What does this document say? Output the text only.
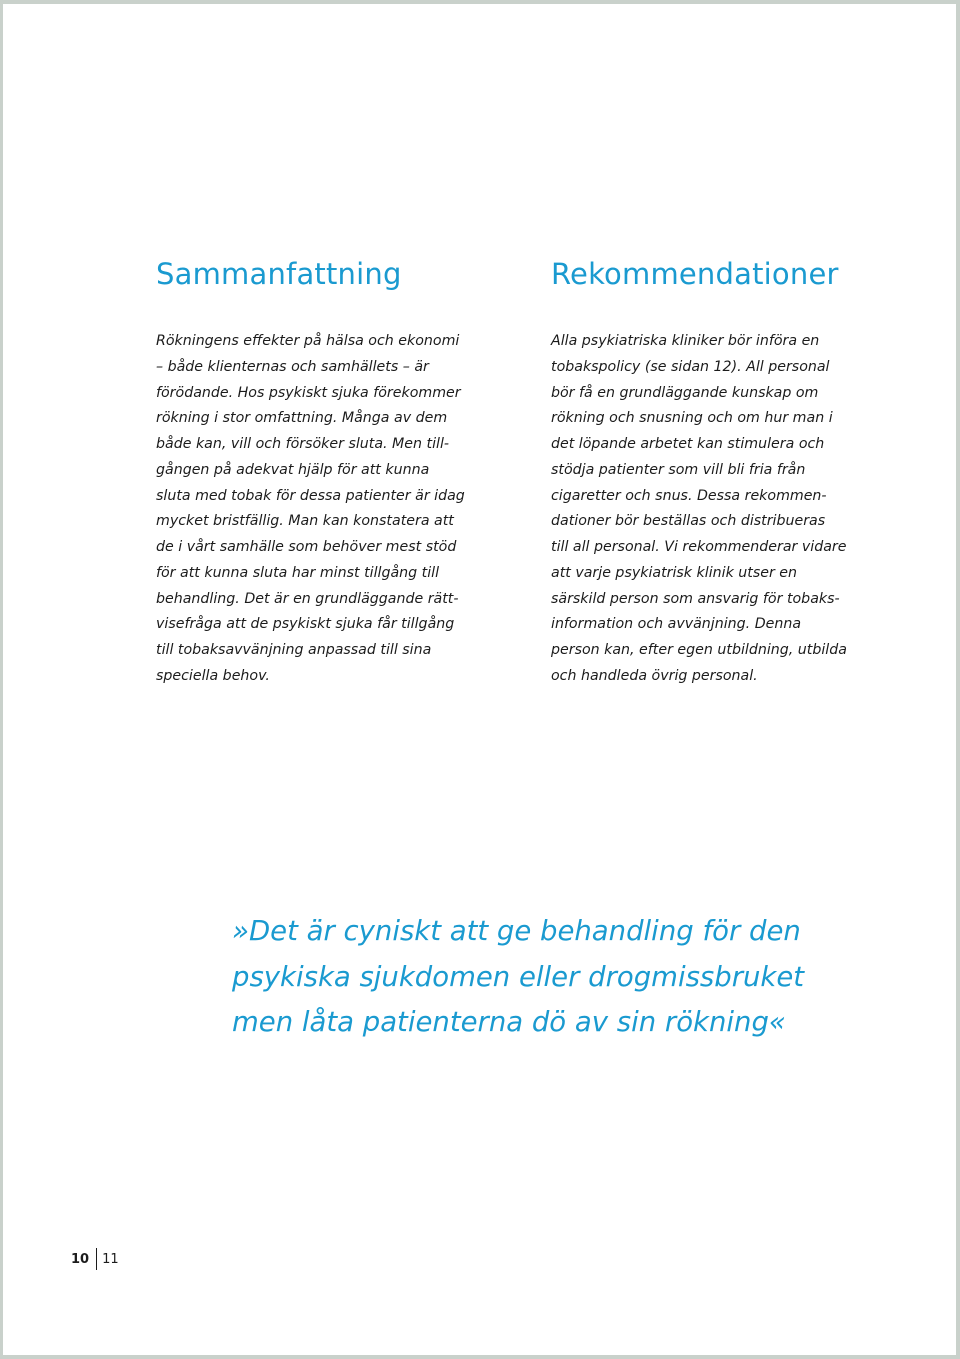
Sammanfattning	Rekommendationer

Rökningens effekter på hälsa och ekonomi
– både klienternas och samhällets – är
förödande. Hos psykiskt sjuka förekommer
rökning i stor omfattning. Många av dem
både kan, vill och försöker sluta. Men till-
gången på adekvat hjälp för att kunna
sluta med tobak för dessa patienter är idag
mycket bristfällig. Man kan konstatera att
de i vårt samhälle som behöver mest stöd
för att kunna sluta har minst tillgång till
behandling. Det är en grundläggande rätt-
visefråga att de psykiskt sjuka får tillgång
till tobaksavvänjning anpassad till sina
speciella behov.

Alla psykiatriska kliniker bör införa en
tobakspolicy (se sidan 12). All personal
bör få en grundläggande kunskap om
rökning och snusning och om hur man i
det löpande arbetet kan stimulera och
stödja patienter som vill bli fria från
cigaretter och snus. Dessa rekommen-
dationer bör beställas och distribueras
till all personal. Vi rekommenderar vidare
att varje psykiatrisk klinik utser en
särskild person som ansvarig för tobaks-
information och avvänjning. Denna
person kan, efter egen utbildning, utbilda
och handleda övrig personal.

»Det är cyniskt att ge behandling för den
psykiska sjukdomen eller drogmissbruket
men låta patienterna dö av sin rökning«
10 11
